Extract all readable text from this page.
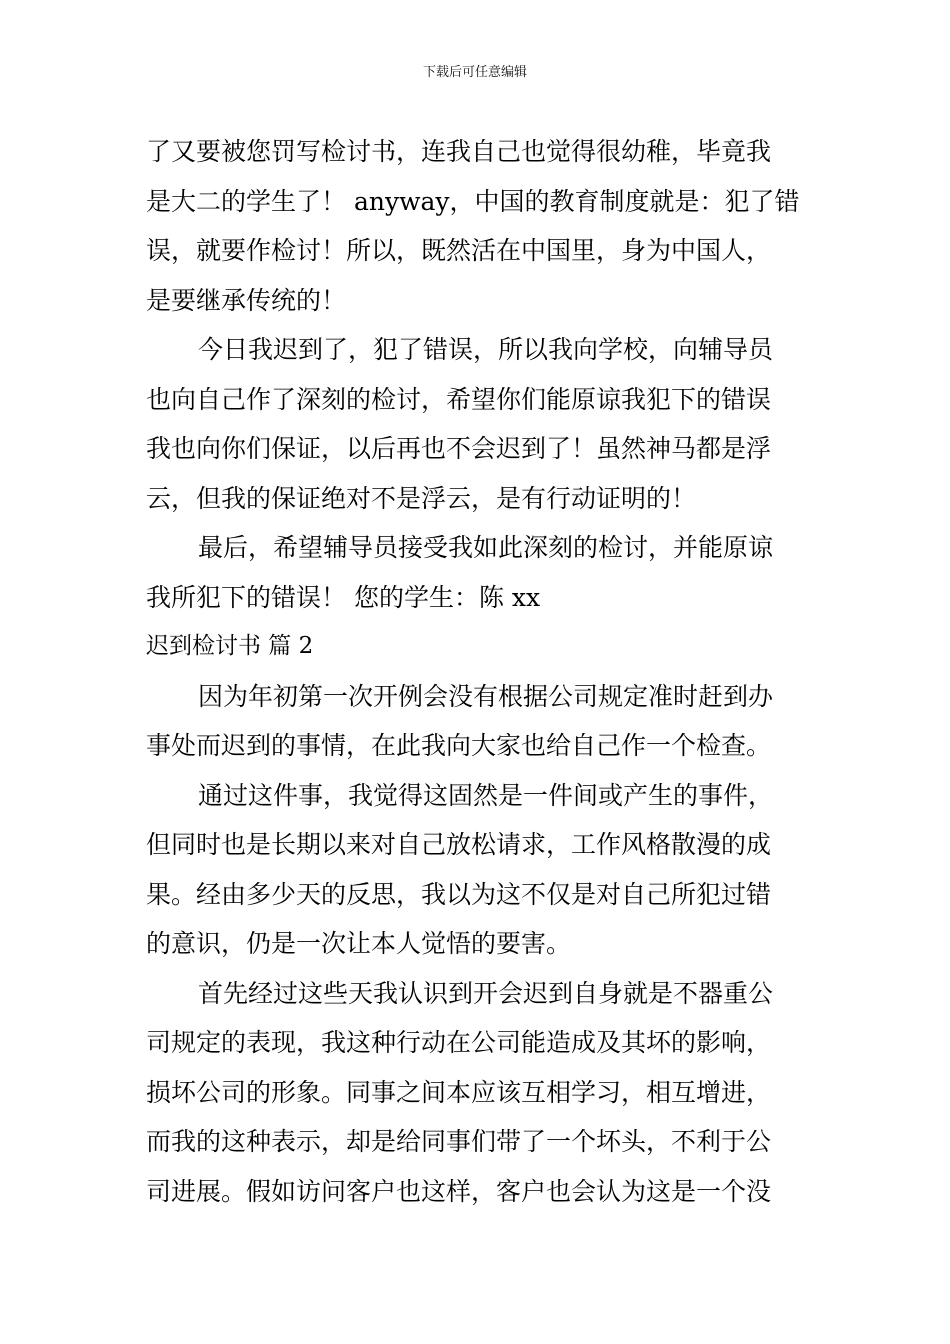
下载后可任意编辑
了又要被您罚写检讨书，连我自己也觉得很幼稚，毕竟我
是大二的学生了！ anyway，中国的教育制度就是：犯了错
误，就要作检讨！所以，既然活在中国里，身为中国人，
是要继承传统的！
今日我迟到了，犯了错误，所以我向学校，向辅导员
也向自己作了深刻的检讨，希望你们能原谅我犯下的错误
我也向你们保证，以后再也不会迟到了！虽然神马都是浮
云，但我的保证绝对不是浮云，是有行动证明的！
最后，希望辅导员接受我如此深刻的检讨，并能原谅
我所犯下的错误！ 您的学生：陈 xx
迟到检讨书 篇 2
因为年初第一次开例会没有根据公司规定准时赶到办
事处而迟到的事情，在此我向大家也给自己作一个检查。
通过这件事，我觉得这固然是一件间或产生的事件，
但同时也是长期以来对自己放松请求，工作风格散漫的成
果。经由多少天的反思，我以为这不仅是对自己所犯过错
的意识，仍是一次让本人觉悟的要害。
首先经过这些天我认识到开会迟到自身就是不器重公
司规定的表现，我这种行动在公司能造成及其坏的影响，
损坏公司的形象。同事之间本应该互相学习，相互增进，
而我的这种表示，却是给同事们带了一个坏头，不利于公
司进展。假如访问客户也这样，客户也会认为这是一个没
